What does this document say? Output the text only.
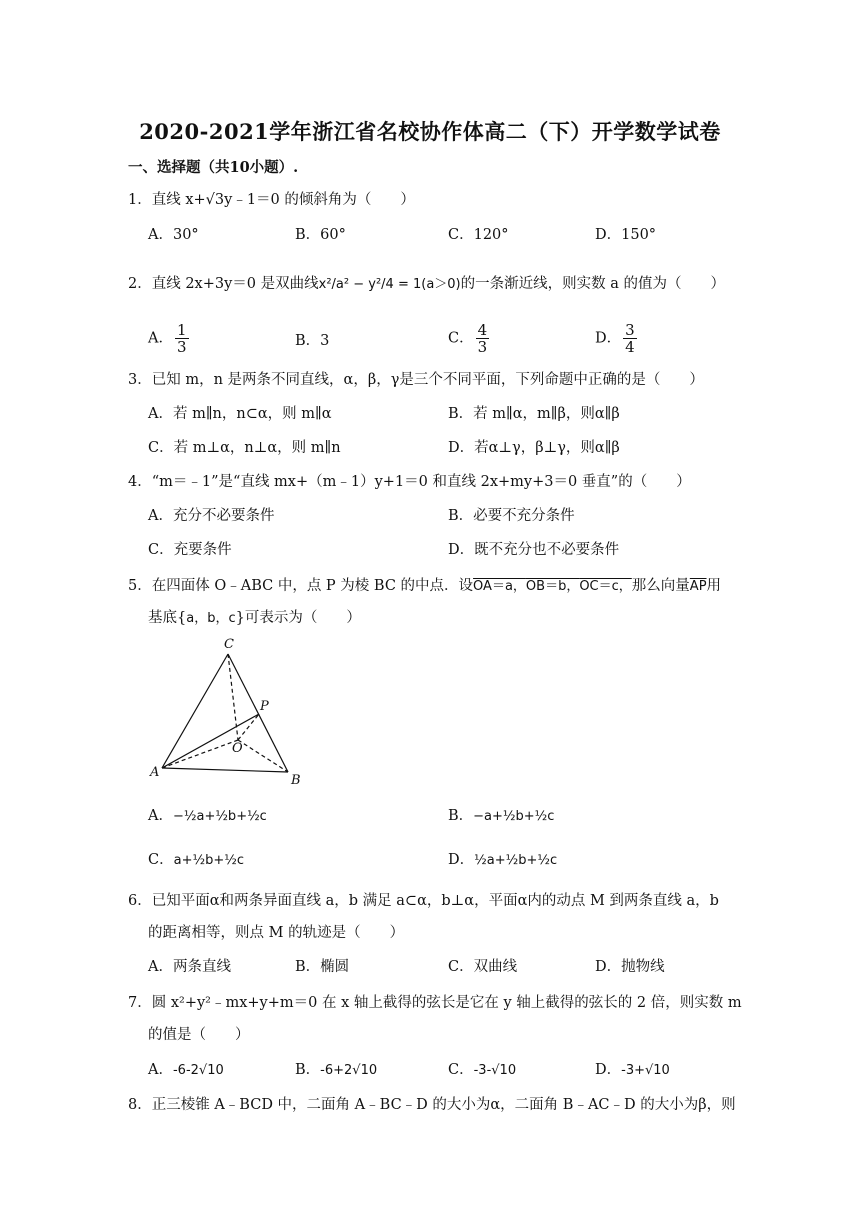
2020-2021学年浙江省名校协作体高二（下）开学数学试卷
一、选择题（共10小题）.
1．直线 x+√3y﹣1＝0 的倾斜角为（　　）
A．30°	B．60°	C．120°	D．150°
2．直线 2x+3y＝0 是双曲线x²/a² − y²/4 = 1(a＞0)的一条渐近线，则实数 a 的值为（　　）
A． $\frac{1}{3}$	B．3	C． $\frac{4}{3}$	D． $\frac{3}{4}$
3．已知 m，n 是两条不同直线，α，β，γ是三个不同平面，下列命题中正确的是（　　）
A．若 m∥n，n⊂α，则 m∥α	B．若 m∥α，m∥β，则α∥β
C．若 m⊥α，n⊥α，则 m∥n	D．若α⊥γ，β⊥γ，则α∥β
4．“m＝﹣1”是“直线 mx+（m﹣1）y+1＝0 和直线 2x+my+3＝0 垂直”的（　　）
A．充分不必要条件	B．必要不充分条件
C．充要条件	D．既不充分也不必要条件
5．在四面体 O﹣ABC 中，点 P 为棱 BC 的中点．设OA＝a，OB＝b，OC＝c，那么向量$\overline{AP}$用
基底{a，b，c}可表示为（　　）
C
P
O
A
B
A．−½a+½b+½c	B．−a+½b+½c
C．a+½b+½c	D．½a+½b+½c
6．已知平面α和两条异面直线 a，b 满足 a⊂α，b⊥α，平面α内的动点 M 到两条直线 a，b
的距离相等，则点 M 的轨迹是（　　）
A．两条直线	B．椭圆	C．双曲线	D．抛物线
7．圆 x²+y²﹣mx+y+m＝0 在 x 轴上截得的弦长是它在 y 轴上截得的弦长的 2 倍，则实数 m
的值是（　　）
A．-6-2√10	B．-6+2√10	C．-3-√10	D．-3+√10
8．正三棱锥 A﹣BCD 中，二面角 A﹣BC﹣D 的大小为α，二面角 B﹣AC﹣D 的大小为β，则
